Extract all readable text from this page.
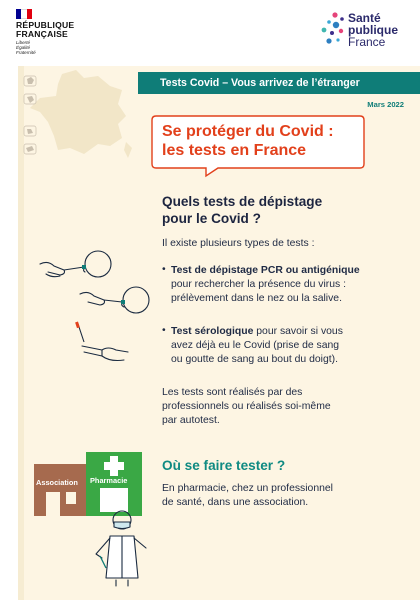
RÉPUBLIQUE
FRANÇAISE
Liberté
Égalité
Fraternité
Santé
publique
France
Tests Covid – Vous arrivez de l’étranger
Mars 2022
Se protéger du Covid :
les tests en France
Quels tests de dépistage
pour le Covid ?
Il existe plusieurs types de tests :
• Test de dépistage PCR ou antigénique
pour rechercher la présence du virus :
prélèvement dans le nez ou la salive.
• Test sérologique pour savoir si vous
avez déjà eu le Covid (prise de sang
ou goutte de sang au bout du doigt).
Les tests sont réalisés par des
professionnels ou réalisés soi-même
par autotest.
Où se faire tester ?
En pharmacie, chez un professionnel
de santé, dans une association.
Association Pharmacie
